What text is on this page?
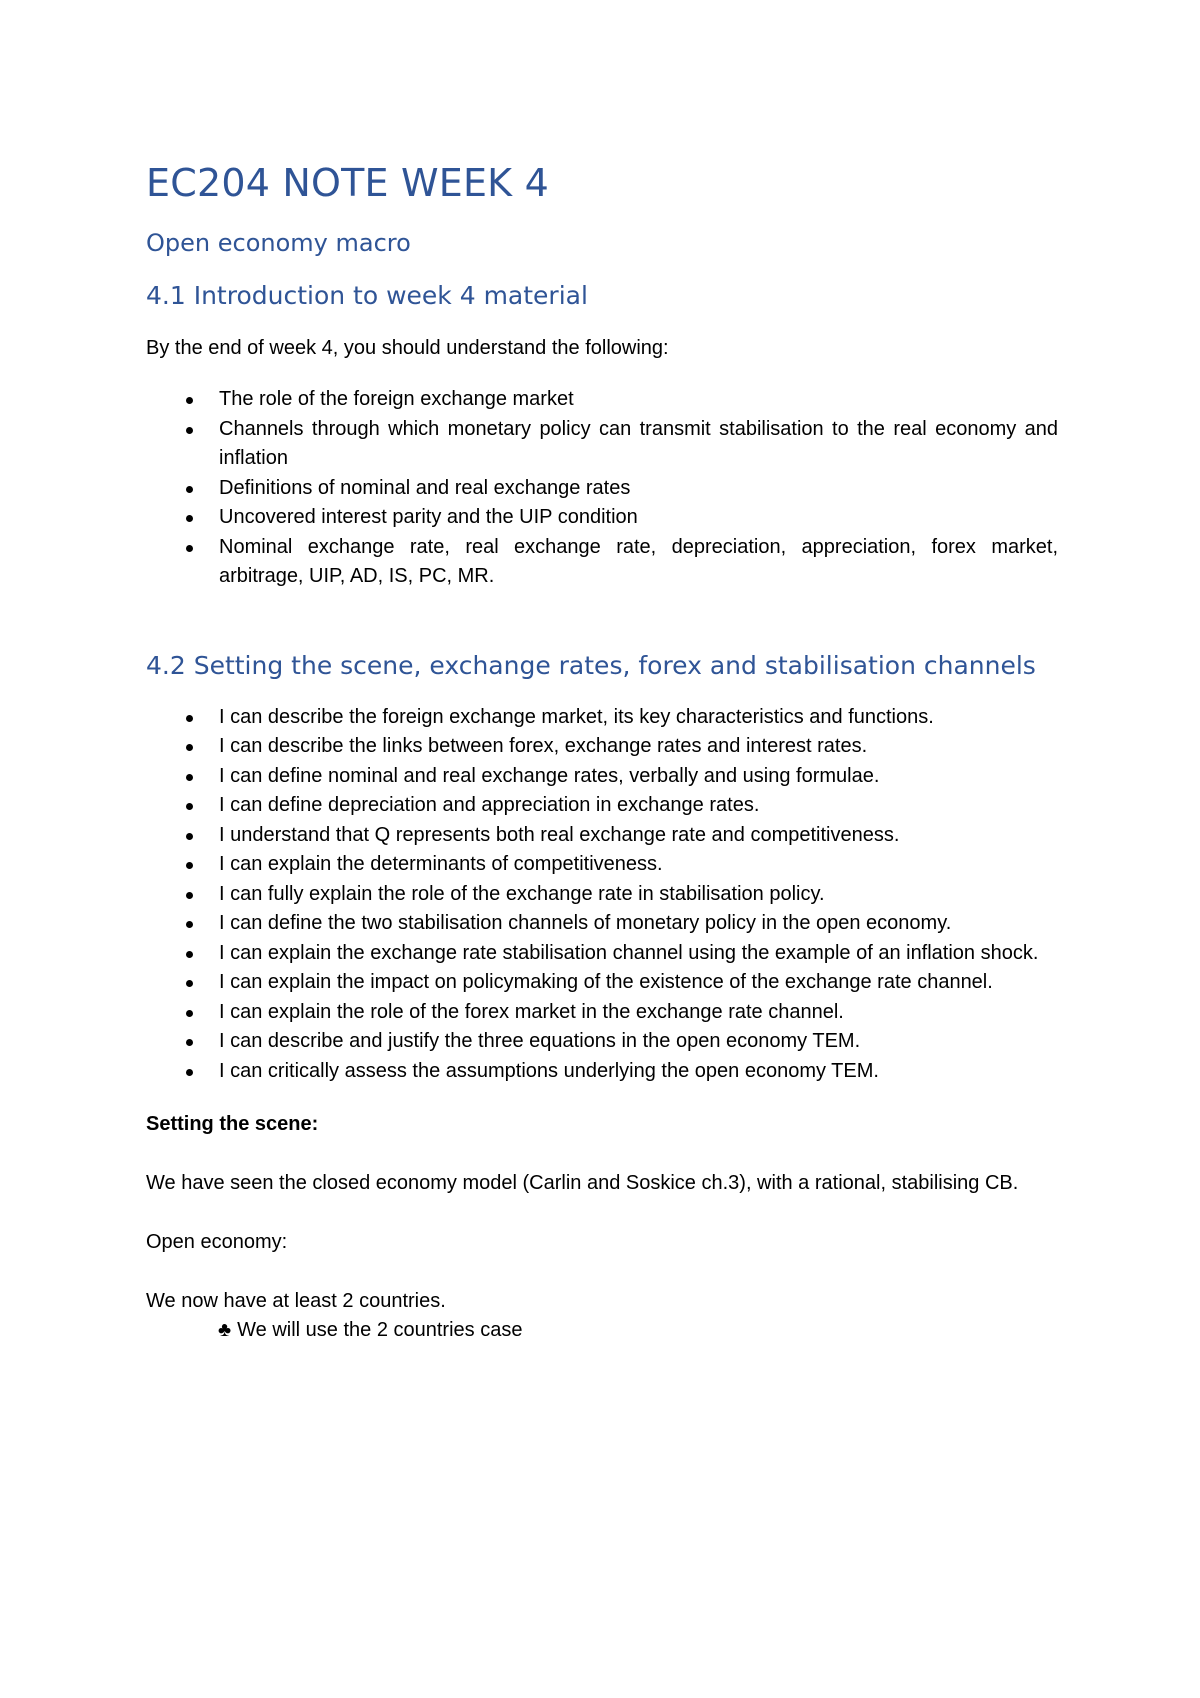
EC204 NOTE WEEK 4
Open economy macro
4.1 Introduction to week 4 material

By the end of week 4, you should understand the following:

The role of the foreign exchange market
Channels through which monetary policy can transmit stabilisation to the real economy and inflation
Definitions of nominal and real exchange rates
Uncovered interest parity and the UIP condition
Nominal exchange rate, real exchange rate, depreciation, appreciation, forex market, arbitrage, UIP, AD, IS, PC, MR.
4.2 Setting the scene, exchange rates, forex and stabilisation channels
I can describe the foreign exchange market, its key characteristics and functions.
I can describe the links between forex, exchange rates and interest rates.
I can define nominal and real exchange rates, verbally and using formulae.
I can define depreciation and appreciation in exchange rates.
I understand that Q represents both real exchange rate and competitiveness.
I can explain the determinants of competitiveness.
I can fully explain the role of the exchange rate in stabilisation policy.
I can define the two stabilisation channels of monetary policy in the open economy.
I can explain the exchange rate stabilisation channel using the example of an inflation shock.
I can explain the impact on policymaking of the existence of the exchange rate channel.
I can explain the role of the forex market in the exchange rate channel.
I can describe and justify the three equations in the open economy TEM.
I can critically assess the assumptions underlying the open economy TEM.

Setting the scene:

We have seen the closed economy model (Carlin and Soskice ch.3), with a rational, stabilising CB.

Open economy:

We now have at least 2 countries.

♣ We will use the 2 countries case
